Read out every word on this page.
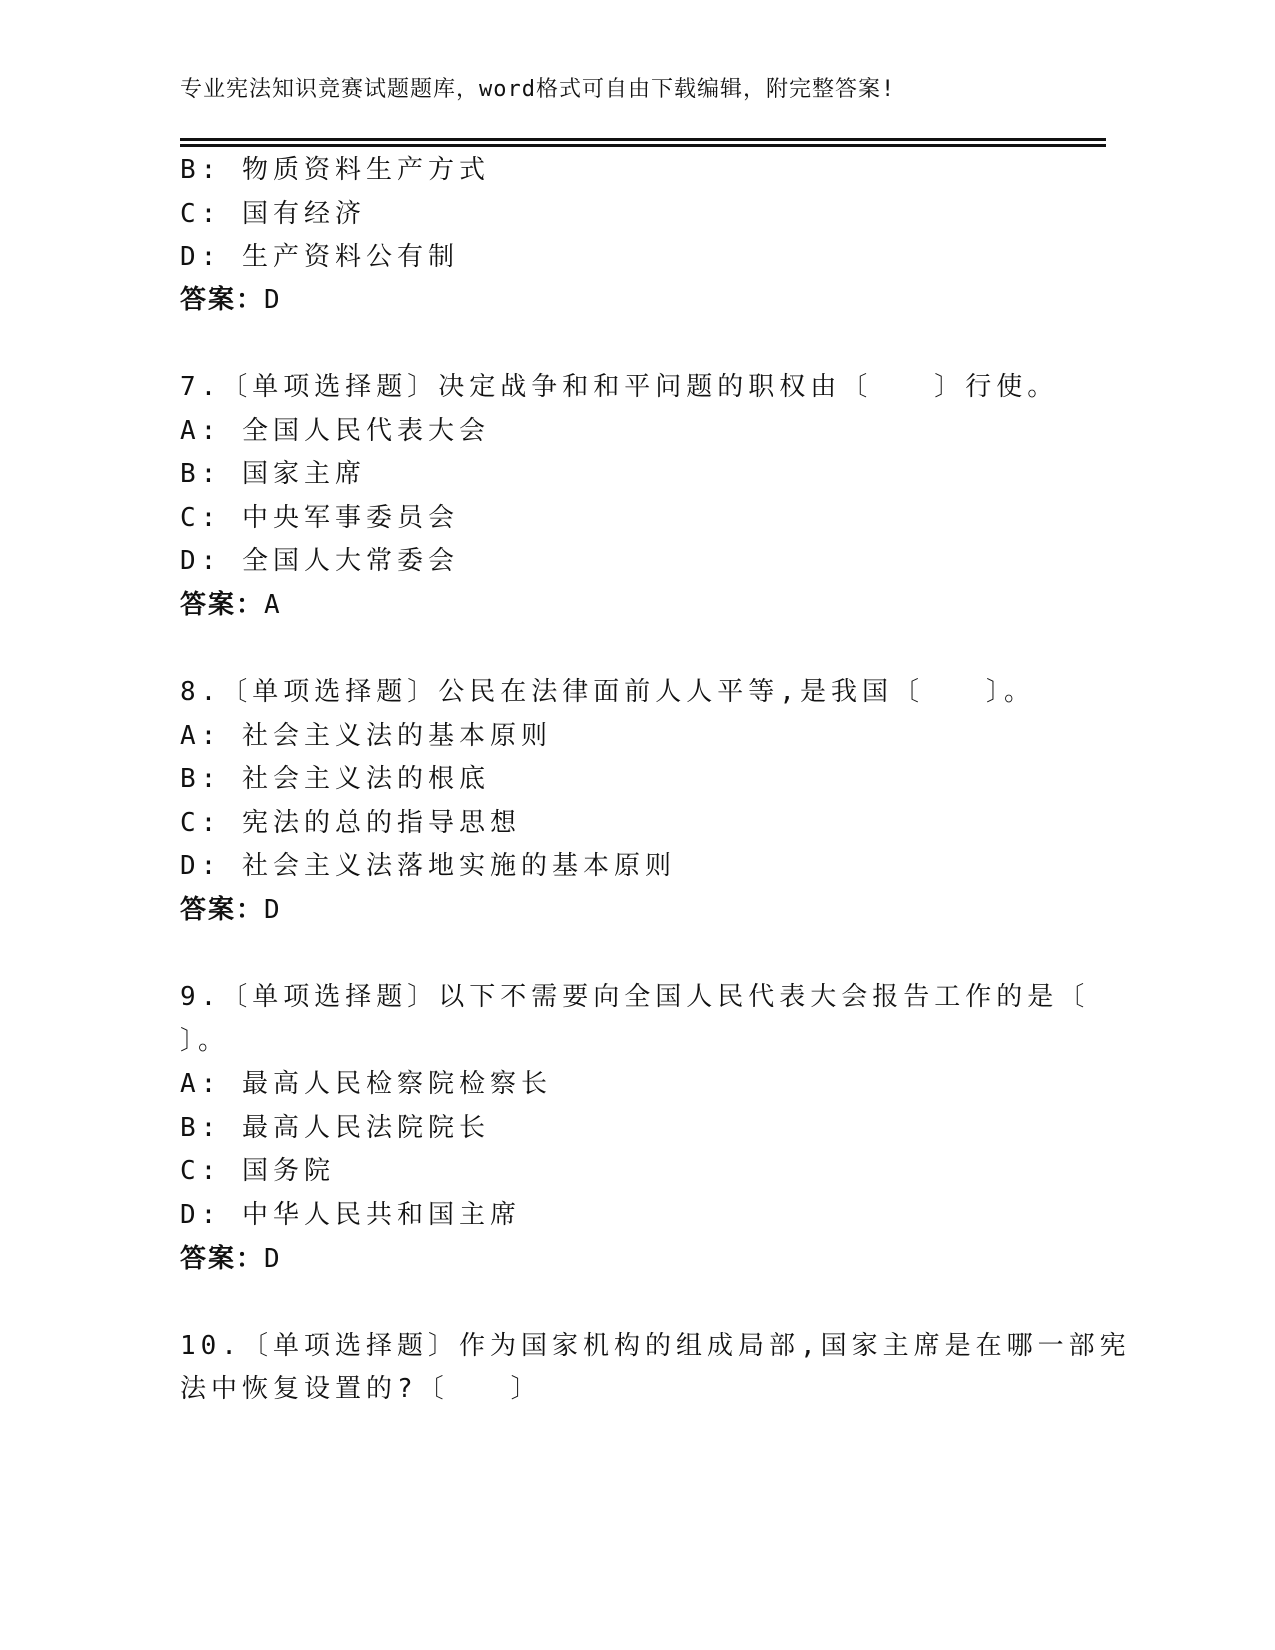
专业宪法知识竞赛试题题库，word格式可自由下载编辑，附完整答案!
B: 物质资料生产方式
C: 国有经济
D: 生产资料公有制
答案：D
7.〔单项选择题〕决定战争和和平问题的职权由〔　　〕行使。
A: 全国人民代表大会
B: 国家主席
C: 中央军事委员会
D: 全国人大常委会
答案：A
8.〔单项选择题〕公民在法律面前人人平等,是我国〔　　〕。
A: 社会主义法的基本原则
B: 社会主义法的根底
C: 宪法的总的指导思想
D: 社会主义法落地实施的基本原则
答案：D
9.〔单项选择题〕以下不需要向全国人民代表大会报告工作的是〔
〕。
A: 最高人民检察院检察长
B: 最高人民法院院长
C: 国务院
D: 中华人民共和国主席
答案：D
10.〔单项选择题〕作为国家机构的组成局部,国家主席是在哪一部宪
法中恢复设置的?〔　　〕
